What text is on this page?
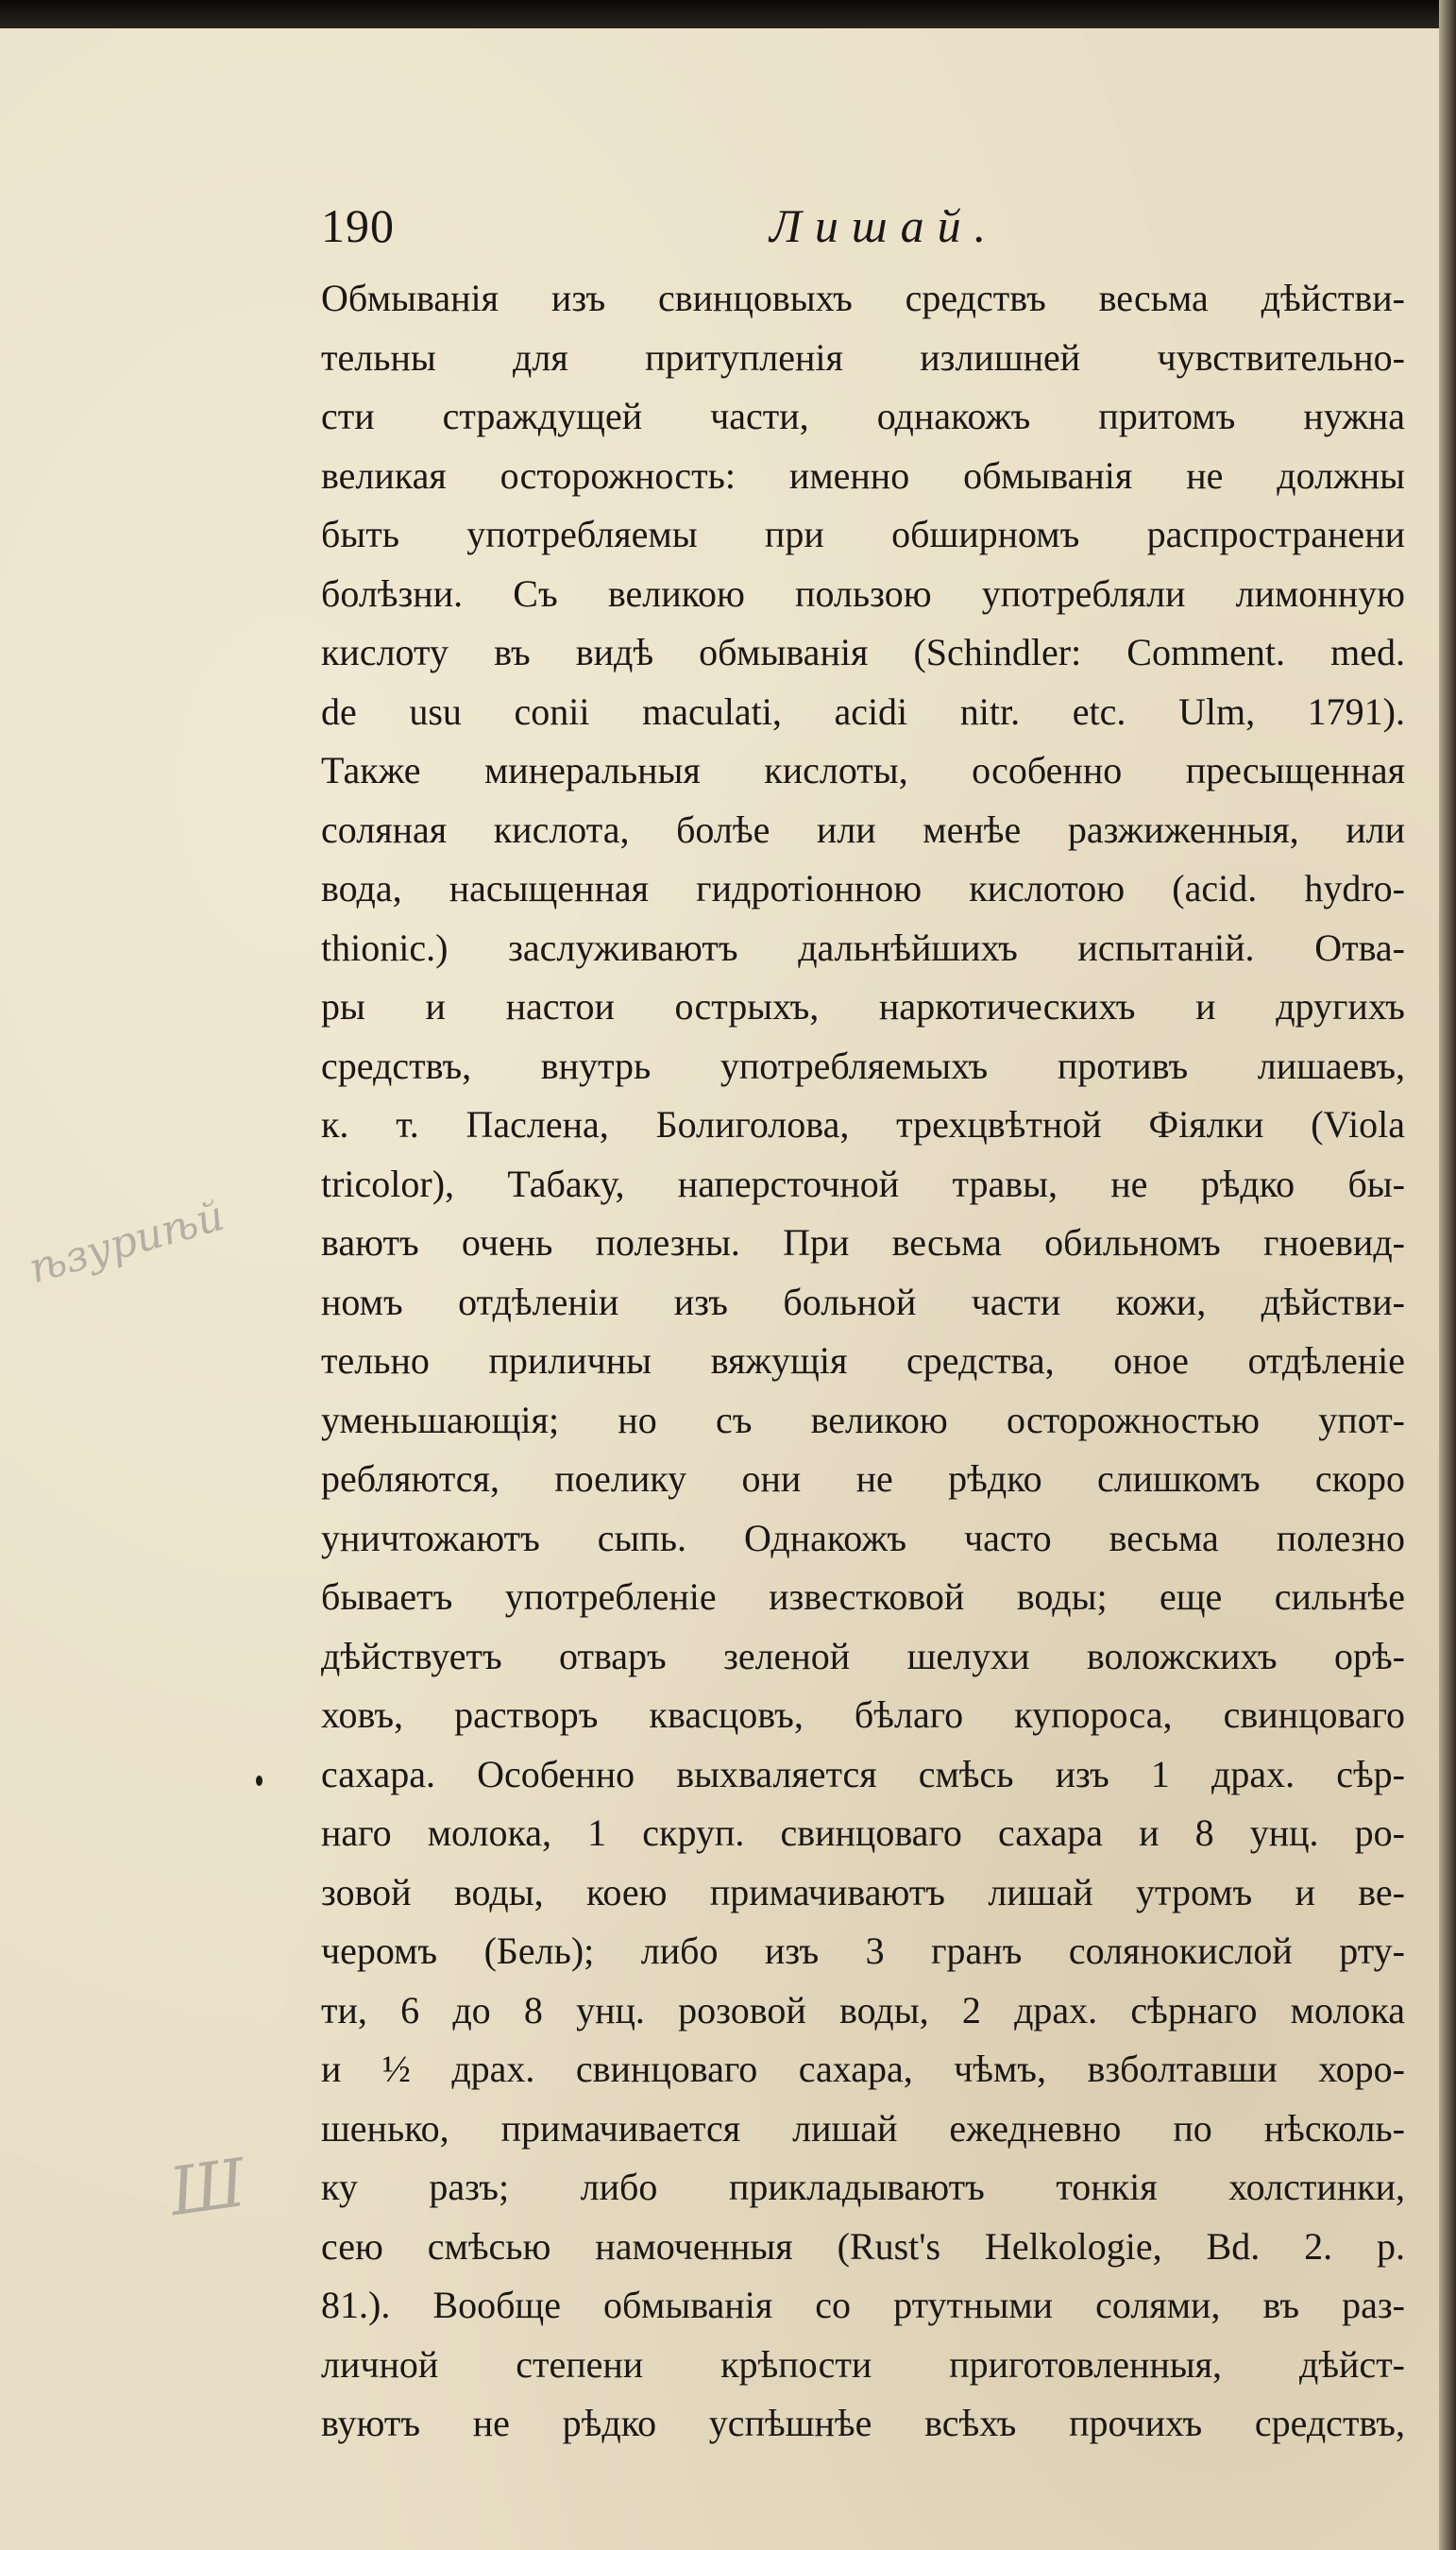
190	Лишай.
Обмыванія изъ свинцовыхъ средствъ весьма дѣйстви-
тельны для притупленія излишней чувствительно-
сти страждущей части, однакожъ притомъ нужна
великая осторожность: именно обмыванія не должны
быть употребляемы при обширномъ распространени
болѣзни. Съ великою пользою употребляли лимонную
кислоту въ видѣ обмыванія (Schindler: Comment. med.
de usu conii maculati, acidi nitr. etc. Ulm, 1791).
Также минеральныя кислоты, особенно пресыщенная
соляная кислота, болѣе или менѣе разжиженныя, или
вода, насыщенная гидротіонною кислотою (acid. hydro-
thionic.) заслуживаютъ дальнѣйшихъ испытаній. Отва-
ры и настои острыхъ, наркотическихъ и другихъ
средствъ, внутрь употребляемыхъ противъ лишаевъ,
к. т. Паслена, Болиголова, трехцвѣтной Фіялки (Viola
tricolor), Табаку, наперсточной травы, не рѣдко бы-
ваютъ очень полезны. При весьма обильномъ гноевид-
номъ отдѣленіи изъ больной части кожи, дѣйстви-
тельно приличны вяжущія средства, оное отдѣленіе
уменьшающія; но съ великою осторожностью упот-
ребляются, поелику они не рѣдко слишкомъ скоро
уничтожаютъ сыпь. Однакожъ часто весьма полезно
бываетъ употребленіе известковой воды; еще сильнѣе
дѣйствуетъ отваръ зеленой шелухи воложскихъ орѣ-
ховъ, растворъ квасцовъ, бѣлаго купороса, свинцоваго
сахара. Особенно выхваляется смѣсь изъ 1 драх. сѣр-
наго молока, 1 скруп. свинцоваго сахара и 8 унц. ро-
зовой воды, коею примачиваютъ лишай утромъ и ве-
черомъ (Бель); либо изъ 3 гранъ солянокислой рту-
ти, 6 до 8 унц. розовой воды, 2 драх. сѣрнаго молока
и ½ драх. свинцоваго сахара, чѣмъ, взболтавши хоро-
шенько, примачивается лишай ежедневно по нѣсколь-
ку разъ; либо прикладываютъ тонкія холстинки,
сею смѣсью намоченныя (Rust's Helkologie, Bd. 2. p.
81.). Вообще обмыванія со ртутными солями, въ раз-
личной степени крѣпости приготовленныя, дѣйст-
вуютъ не рѣдко успѣшнѣе всѣхъ прочихъ средствъ,
ѣзуриѣй
Ш
